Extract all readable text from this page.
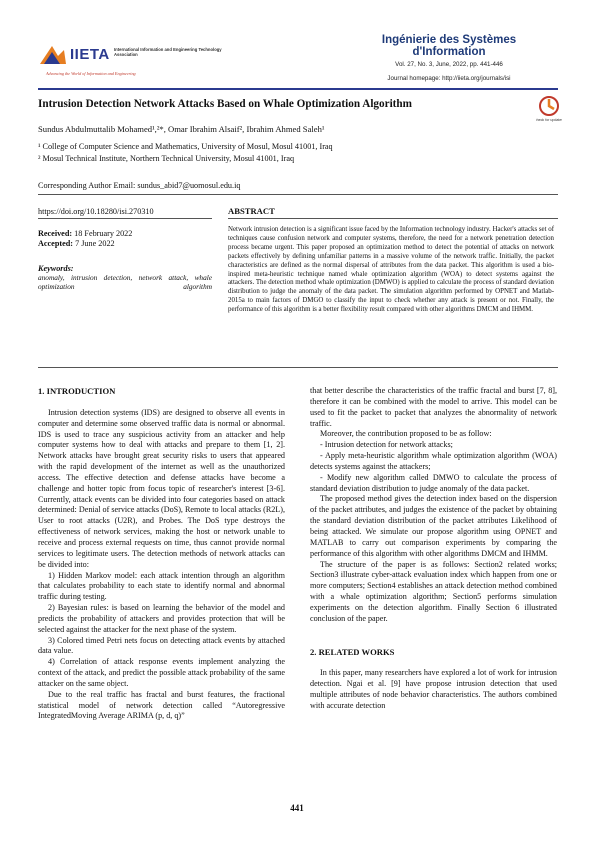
IIETA International Information and Engineering Technology Association
Advancing the World of Information and Engineering
Ingénierie des Systèmes d'Information
Vol. 27, No. 3, June, 2022, pp. 441-446
Journal homepage: http://iieta.org/journals/isi
Intrusion Detection Network Attacks Based on Whale Optimization Algorithm
check for updates
Sundus Abdulmuttalib Mohamed¹,²*, Omar Ibrahim Alsaif², Ibrahim Ahmed Saleh¹
¹ College of Computer Science and Mathematics, University of Mosul, Mosul 41001, Iraq
² Mosul Technical Institute, Northern Technical University, Mosul 41001, Iraq
Corresponding Author Email: sundus_abid7@uomosul.edu.iq
https://doi.org/10.18280/isi.270310	ABSTRACT
Received: 18 February 2022
Accepted: 7 June 2022
Keywords:
anomaly, intrusion detection, network attack, whale optimization algorithm
Network intrusion detection is a significant issue faced by the Information technology industry. Hacker's attacks set of techniques cause confusion network and computer systems, therefore, the need for a network penetration detection process became urgent. This paper proposed an optimization method to detect the potential of attacks on network packets effectively by defining unfamiliar patterns in a massive volume of the network traffic. Initially, the packet characteristics are defined as the normal dispersal of attributes from the data packet. This algorithm is used a bio-inspired meta-heuristic technique named whale optimization algorithm (WOA) to detect systems against the attackers. The detection method whale optimization (DMWO) is applied to calculate the process of standard deviation distribution to judge the anomaly of the data packet. The simulation algorithm performed by OPNET and Matlab-2015a to main factors of DMGO to classify the input to check whether any attack is present or not. Finally, the performance of this algorithm is a better flexibility result compared with other algorithms DMCM and IHMM.

1. INTRODUCTION

Intrusion detection systems (IDS) are designed to observe all events in computer and determine some observed traffic data is normal or abnormal. IDS is used to trace any suspicious activity from an attacker and help computer systems how to deal with attacks and prepare to them [1, 2]. Network attacks have brought great security risks to users that appeared with the rapid development of the internet as well as the unauthorized access. The effective detection and defense attacks have become a challenge and hotter topic from focus topic of researcher's interest [3-6]. Currently, attack events can be divided into four categories based on attack determined: Denial of service attacks (DoS), Remote to local attacks (R2L), User to root attacks (U2R), and Probes. The DoS type destroys the effectiveness of network services, making the host or network unable to receive and process external requests on time, thus cannot provide normal services to legitimate users. The detection methods of network attacks can be divided into:

1) Hidden Markov model: each attack intention through an algorithm that calculates probability to each state to identify normal and abnormal traffic during testing.

2) Bayesian rules: is based on learning the behavior of the model and predicts the probability of attackers and provides protection that will be selected against the attacker for the next phase of the system.

3) Colored timed Petri nets focus on detecting attack events by attached data value.

4) Correlation of attack response events implement analyzing the context of the attack, and predict the possible attack probability of the same attacker on the same object.

Due to the real traffic has fractal and burst features, the fractional statistical model of network detection called “Autoregressive IntegratedMoving Average ARIMA (p, d, q)”

that better describe the characteristics of the traffic fractal and burst [7, 8], therefore it can be combined with the model to arrive. This model can be used to fit the packet to packet that analyzes the abnormality of network traffic.

Moreover, the contribution proposed to be as follow:

- Intrusion detection for network attacks;

- Apply meta-heuristic algorithm whale optimization algorithm (WOA) detects systems against the attackers;

- Modify new algorithm called DMWO to calculate the process of standard deviation distribution to judge anomaly of the data packet.

The proposed method gives the detection index based on the dispersion of the packet attributes, and judges the existence of the packet by obtaining the standard deviation distribution of the packet attributes Likelihood of being attacked. We simulate our propose algorithm using OPNET and MATLAB to carry out comparison experiments by comparing the performance of this algorithm with other algorithms DMCM and IHMM.

The structure of the paper is as follows: Section2 related works; Section3 illustrate cyber-attack evaluation index which happen from one or more computers; Section4 establishes an attack detection method combined with a whale optimization algorithm; Section5 performs simulation experiments on the detection algorithm. Finally Section 6 illustrated conclusion of the paper.

2. RELATED WORKS

In this paper, many researchers have explored a lot of work for intrusion detection. Ngai et al. [9] have propose intrusion detection that used multiple attributes of node behavior characteristics. The authors combined with accurate detection

441
